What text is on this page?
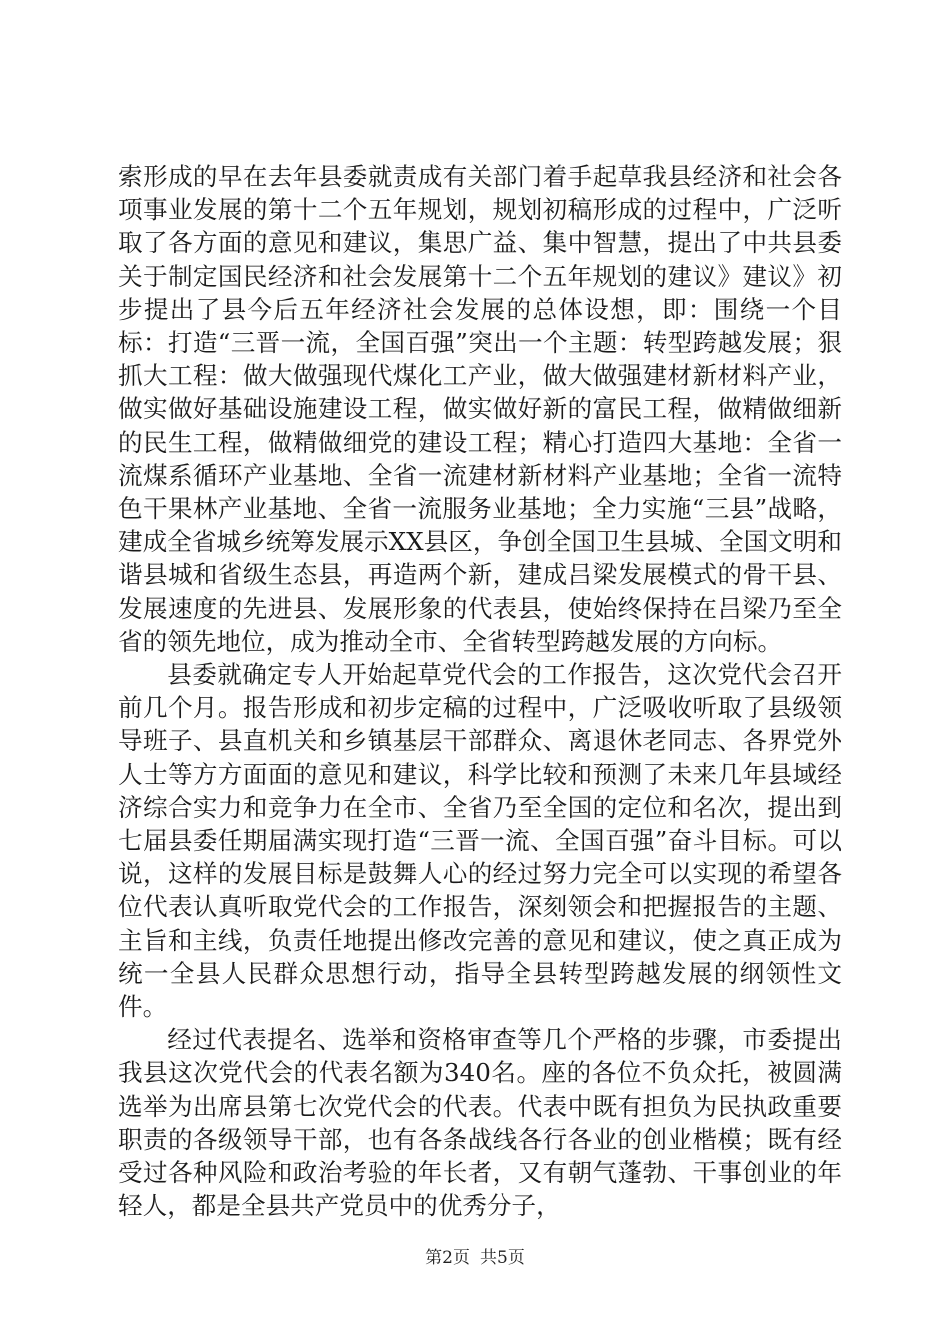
索形成的早在去年县委就责成有关部门着手起草我县经济和社会各项事业发展的第十二个五年规划，规划初稿形成的过程中，广泛听取了各方面的意见和建议，集思广益、集中智慧，提出了中共县委关于制定国民经济和社会发展第十二个五年规划的建议》建议》初步提出了县今后五年经济社会发展的总体设想，即：围绕一个目标：打造“三晋一流，全国百强”突出一个主题：转型跨越发展；狠抓大工程：做大做强现代煤化工产业，做大做强建材新材料产业，做实做好基础设施建设工程，做实做好新的富民工程，做精做细新的民生工程，做精做细党的建设工程；精心打造四大基地：全省一流煤系循环产业基地、全省一流建材新材料产业基地；全省一流特色干果林产业基地、全省一流服务业基地；全力实施“三县”战略，建成全省城乡统筹发展示XX县区，争创全国卫生县城、全国文明和谐县城和省级生态县，再造两个新，建成吕梁发展模式的骨干县、发展速度的先进县、发展形象的代表县，使始终保持在吕梁乃至全省的领先地位，成为推动全市、全省转型跨越发展的方向标。

县委就确定专人开始起草党代会的工作报告，这次党代会召开前几个月。报告形成和初步定稿的过程中，广泛吸收听取了县级领导班子、县直机关和乡镇基层干部群众、离退休老同志、各界党外人士等方方面面的意见和建议，科学比较和预测了未来几年县域经济综合实力和竞争力在全市、全省乃至全国的定位和名次，提出到七届县委任期届满实现打造“三晋一流、全国百强”奋斗目标。可以说，这样的发展目标是鼓舞人心的经过努力完全可以实现的希望各位代表认真听取党代会的工作报告，深刻领会和把握报告的主题、主旨和主线，负责任地提出修改完善的意见和建议，使之真正成为统一全县人民群众思想行动，指导全县转型跨越发展的纲领性文件。

经过代表提名、选举和资格审查等几个严格的步骤，市委提出我县这次党代会的代表名额为340名。座的各位不负众托，被圆满选举为出席县第七次党代会的代表。代表中既有担负为民执政重要职责的各级领导干部，也有各条战线各行各业的创业楷模；既有经受过各种风险和政治考验的年长者，又有朝气蓬勃、干事创业的年轻人，都是全县共产党员中的优秀分子，

第2页 共5页
